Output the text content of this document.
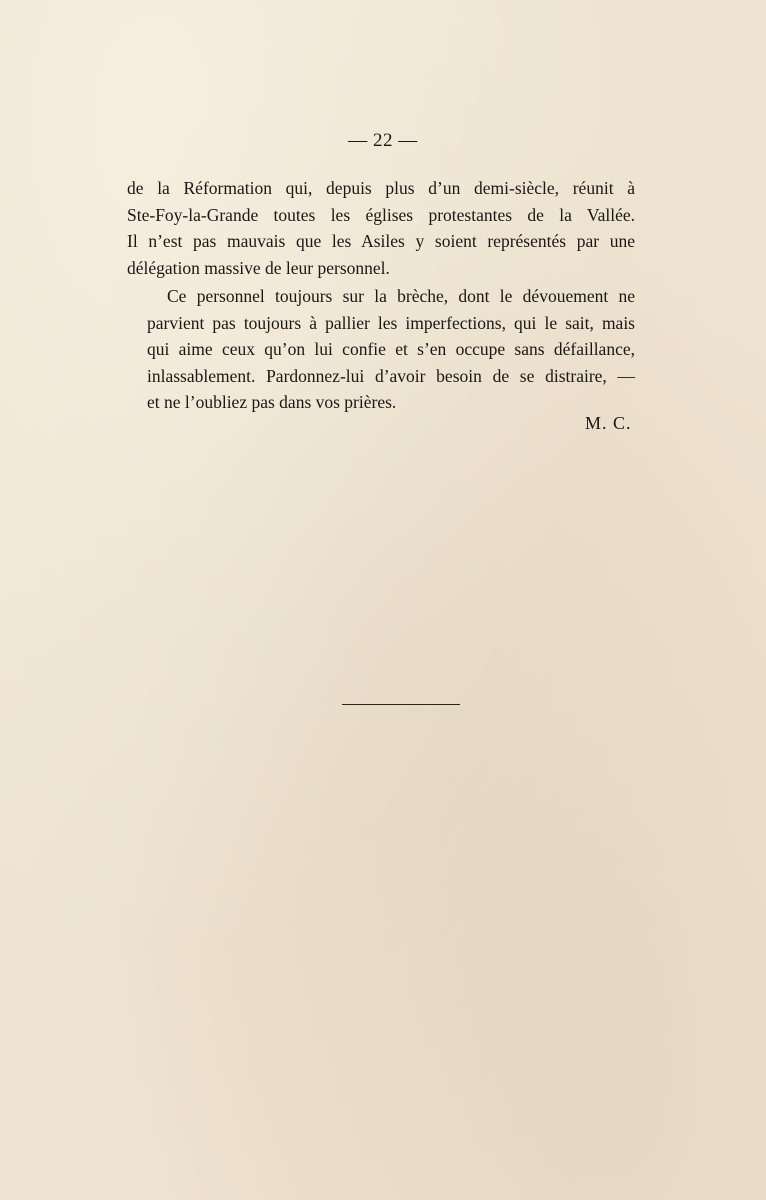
— 22 —

de la Réformation qui, depuis plus d’un demi-siècle, réunit à
Ste-Foy-la-Grande toutes les églises protestantes de la Vallée.
Il n’est pas mauvais que les Asiles y soient représentés par une
délégation massive de leur personnel.

Ce personnel toujours sur la brèche, dont le dévouement ne
parvient pas toujours à pallier les imperfections, qui le sait, mais
qui aime ceux qu’on lui confie et s’en occupe sans défaillance,
inlassablement. Pardonnez-lui d’avoir besoin de se distraire, —
et ne l’oubliez pas dans vos prières.

M. C.
